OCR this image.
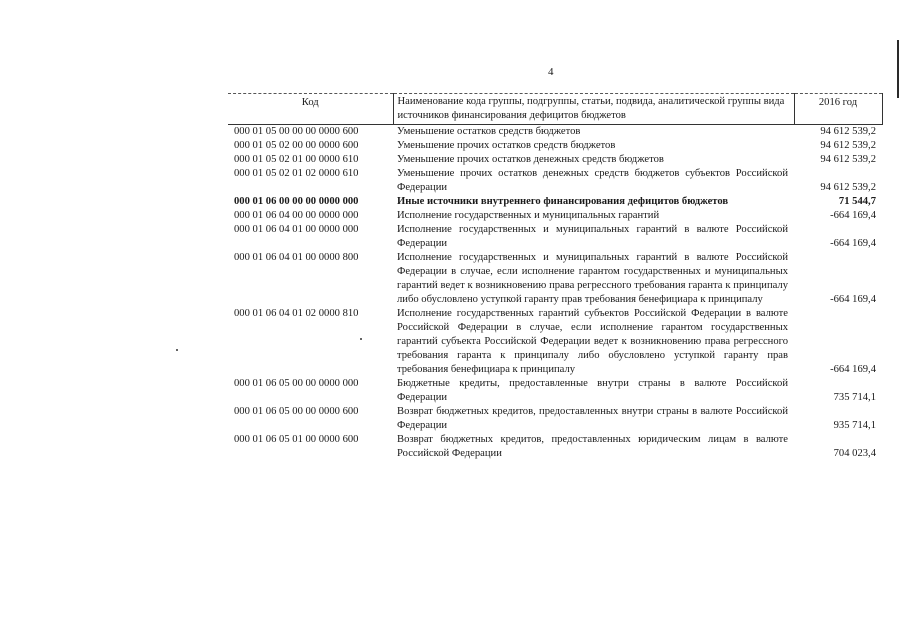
4
Код	Наименование кода группы, подгруппы, статьи, подвида, аналитической группы вида источников финансирования дефицитов бюджетов	2016 год
000 01 05 00 00 00 0000 600	Уменьшение остатков средств бюджетов	94 612 539,2
000 01 05 02 00 00 0000 600	Уменьшение прочих остатков средств бюджетов	94 612 539,2
000 01 05 02 01 00 0000 610	Уменьшение прочих остатков денежных средств бюджетов	94 612 539,2
000 01 05 02 01 02 0000 610	Уменьшение прочих остатков денежных средств бюджетов субъектов Российской Федерации	94 612 539,2
000 01 06 00 00 00 0000 000	Иные источники внутреннего финансирования дефицитов бюджетов	71 544,7
000 01 06 04 00 00 0000 000	Исполнение государственных и муниципальных гарантий	-664 169,4
000 01 06 04 01 00 0000 000	Исполнение государственных и муниципальных гарантий в валюте Российской Федерации	-664 169,4
000 01 06 04 01 00 0000 800	Исполнение государственных и муниципальных гарантий в валюте Российской Федерации в случае, если исполнение гарантом государственных и муниципальных гарантий ведет к возникновению права регрессного требования гаранта к принципалу либо обусловлено уступкой гаранту прав требования бенефициара к принципалу	-664 169,4
000 01 06 04 01 02 0000 810	Исполнение государственных гарантий субъектов Российской Федерации в валюте Российской Федерации в случае, если исполнение гарантом государственных гарантий субъекта Российской Федерации ведет к возникновению права регрессного требования гаранта к принципалу либо обусловлено уступкой гаранту прав требования бенефициара к принципалу	-664 169,4
000 01 06 05 00 00 0000 000	Бюджетные кредиты, предоставленные внутри страны в валюте Российской Федерации	735 714,1
000 01 06 05 00 00 0000 600	Возврат бюджетных кредитов, предоставленных внутри страны в валюте Российской Федерации	935 714,1
000 01 06 05 01 00 0000 600	Возврат бюджетных кредитов, предоставленных юридическим лицам в валюте Российской Федерации	704 023,4
